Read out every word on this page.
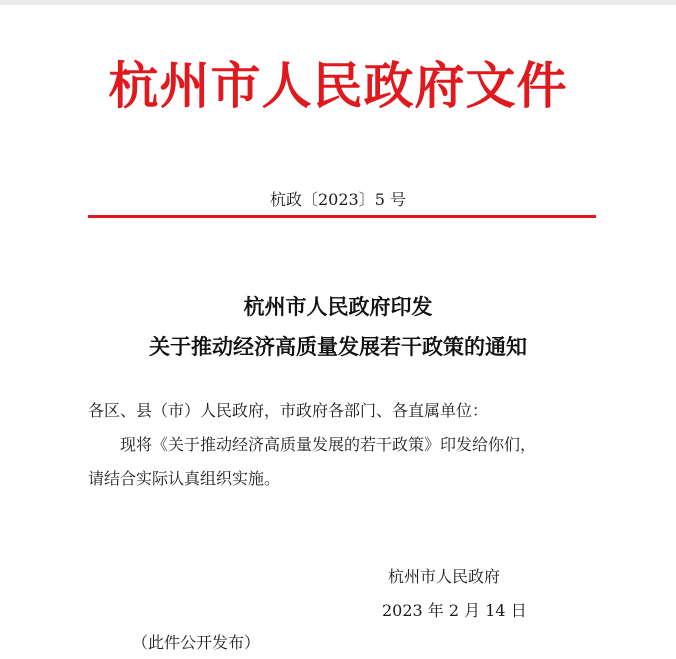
杭州市人民政府文件
杭政〔2023〕5 号
杭州市人民政府印发
关于推动经济高质量发展若干政策的通知
各区、县（市）人民政府，市政府各部门、各直属单位：
现将《关于推动经济高质量发展的若干政策》印发给你们，
请结合实际认真组织实施。
杭州市人民政府
2023 年 2 月 14 日
（此件公开发布）
